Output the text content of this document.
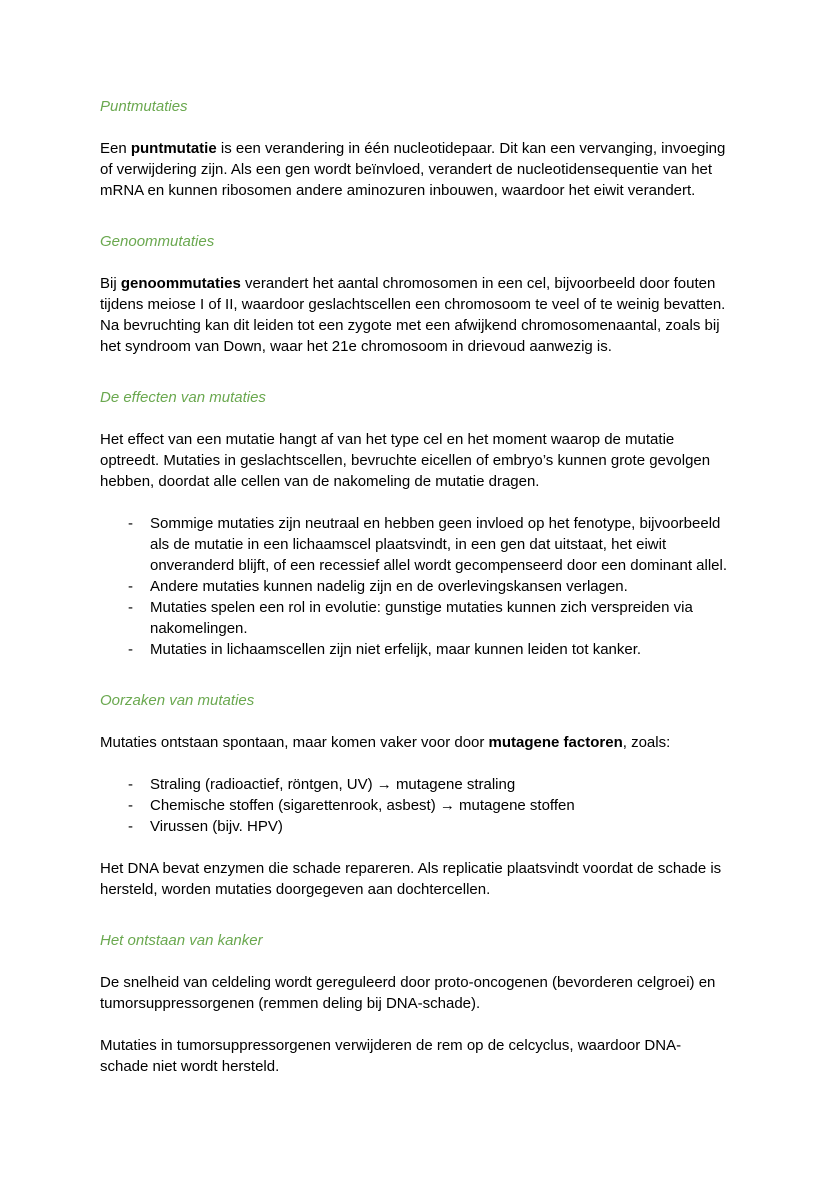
Puntmutaties

Een puntmutatie is een verandering in één nucleotidepaar. Dit kan een vervanging, invoeging of verwijdering zijn. Als een gen wordt beïnvloed, verandert de nucleotidensequentie van het mRNA en kunnen ribosomen andere aminozuren inbouwen, waardoor het eiwit verandert.

Genoommutaties

Bij genoommutaties verandert het aantal chromosomen in een cel, bijvoorbeeld door fouten tijdens meiose I of II, waardoor geslachtscellen een chromosoom te veel of te weinig bevatten. Na bevruchting kan dit leiden tot een zygote met een afwijkend chromosomenaantal, zoals bij het syndroom van Down, waar het 21e chromosoom in drievoud aanwezig is.

De effecten van mutaties

Het effect van een mutatie hangt af van het type cel en het moment waarop de mutatie optreedt. Mutaties in geslachtscellen, bevruchte eicellen of embryo’s kunnen grote gevolgen hebben, doordat alle cellen van de nakomeling de mutatie dragen.

-	Sommige mutaties zijn neutraal en hebben geen invloed op het fenotype, bijvoorbeeld als de mutatie in een lichaamscel plaatsvindt, in een gen dat uitstaat, het eiwit onveranderd blijft, of een recessief allel wordt gecompenseerd door een dominant allel.
-	Andere mutaties kunnen nadelig zijn en de overlevingskansen verlagen.
-	Mutaties spelen een rol in evolutie: gunstige mutaties kunnen zich verspreiden via nakomelingen.
-	Mutaties in lichaamscellen zijn niet erfelijk, maar kunnen leiden tot kanker.

Oorzaken van mutaties

Mutaties ontstaan spontaan, maar komen vaker voor door mutagene factoren, zoals:

-	Straling (radioactief, röntgen, UV) → mutagene straling
-	Chemische stoffen (sigarettenrook, asbest) → mutagene stoffen
-	Virussen (bijv. HPV)

Het DNA bevat enzymen die schade repareren. Als replicatie plaatsvindt voordat de schade is hersteld, worden mutaties doorgegeven aan dochtercellen.

Het ontstaan van kanker

De snelheid van celdeling wordt gereguleerd door proto-oncogenen (bevorderen celgroei) en tumorsuppressorgenen (remmen deling bij DNA-schade).

Mutaties in tumorsuppressorgenen verwijderen de rem op de celcyclus, waardoor DNA-schade niet wordt hersteld.
